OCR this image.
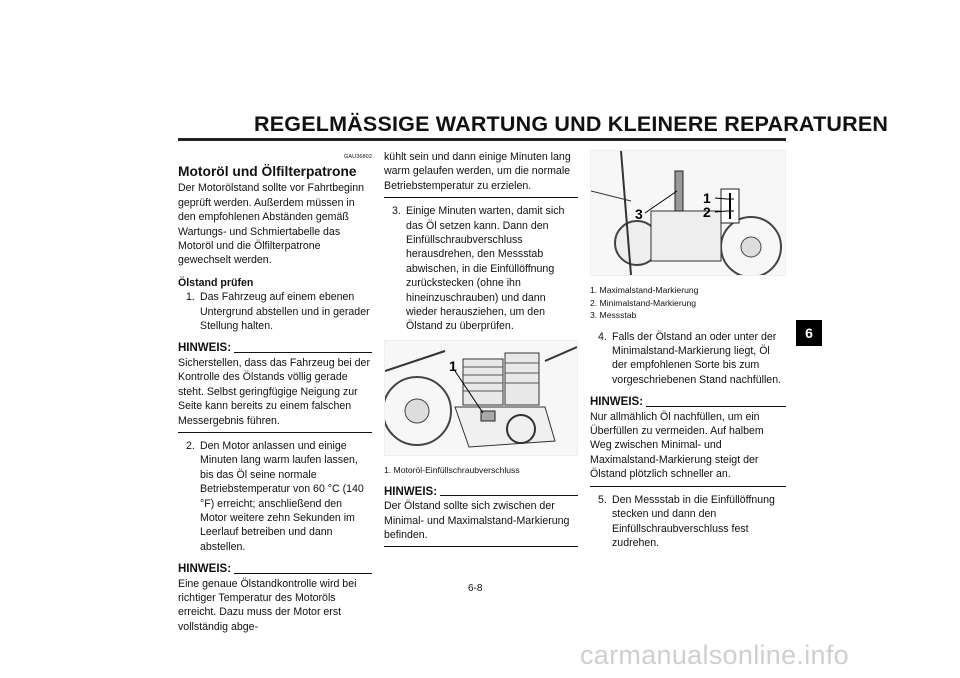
REGELMÄSSIGE WARTUNG UND KLEINERE REPARATUREN
GAU36802
Motoröl und Ölfilterpatrone

Der Motorölstand sollte vor Fahrtbeginn geprüft werden. Außerdem müssen in den empfohlenen Abständen gemäß Wartungs- und Schmiertabelle das Motoröl und die Ölfilterpatrone gewechselt werden.

Ölstand prüfen

1. Das Fahrzeug auf einem ebenen Untergrund abstellen und in gerader Stellung halten.
HINWEIS:

Sicherstellen, dass das Fahrzeug bei der Kontrolle des Ölstands völlig gerade steht. Selbst geringfügige Neigung zur Seite kann bereits zu einem falschen Messergebnis führen.

2. Den Motor anlassen und einige Minuten lang warm laufen lassen, bis das Öl seine normale Betriebstemperatur von 60 °C (140 °F) erreicht; anschließend den Motor weitere zehn Sekunden im Leerlauf betreiben und dann abstellen.
HINWEIS:

Eine genaue Ölstandkontrolle wird bei richtiger Temperatur des Motoröls erreicht. Dazu muss der Motor erst vollständig abge-

kühlt sein und dann einige Minuten lang warm gelaufen werden, um die normale Betriebstemperatur zu erzielen.

3. Einige Minuten warten, damit sich das Öl setzen kann. Dann den Einfüllschraubverschluss herausdrehen, den Messstab abwischen, in die Einfüllöffnung zurückstecken (ohne ihn hineinzuschrauben) und dann wieder herausziehen, um den Ölstand zu überprüfen.
1
1. Motoröl-Einfüllschraubverschluss
HINWEIS:

Der Ölstand sollte sich zwischen der Minimal- und Maximalstand-Markierung befinden.

1
2
3
1. Maximalstand-Markierung
2. Minimalstand-Markierung
3. Messstab
4. Falls der Ölstand an oder unter der Minimalstand-Markierung liegt, Öl der empfohlenen Sorte bis zum vorgeschriebenen Stand nachfüllen.
HINWEIS:

Nur allmählich Öl nachfüllen, um ein Überfüllen zu vermeiden. Auf halbem Weg zwischen Minimal- und Maximalstand-Markierung steigt der Ölstand plötzlich schneller an.

5. Den Messstab in die Einfüllöffnung stecken und dann den Einfüllschraubverschluss fest zudrehen.
6
6-8
carmanualsonline.info
